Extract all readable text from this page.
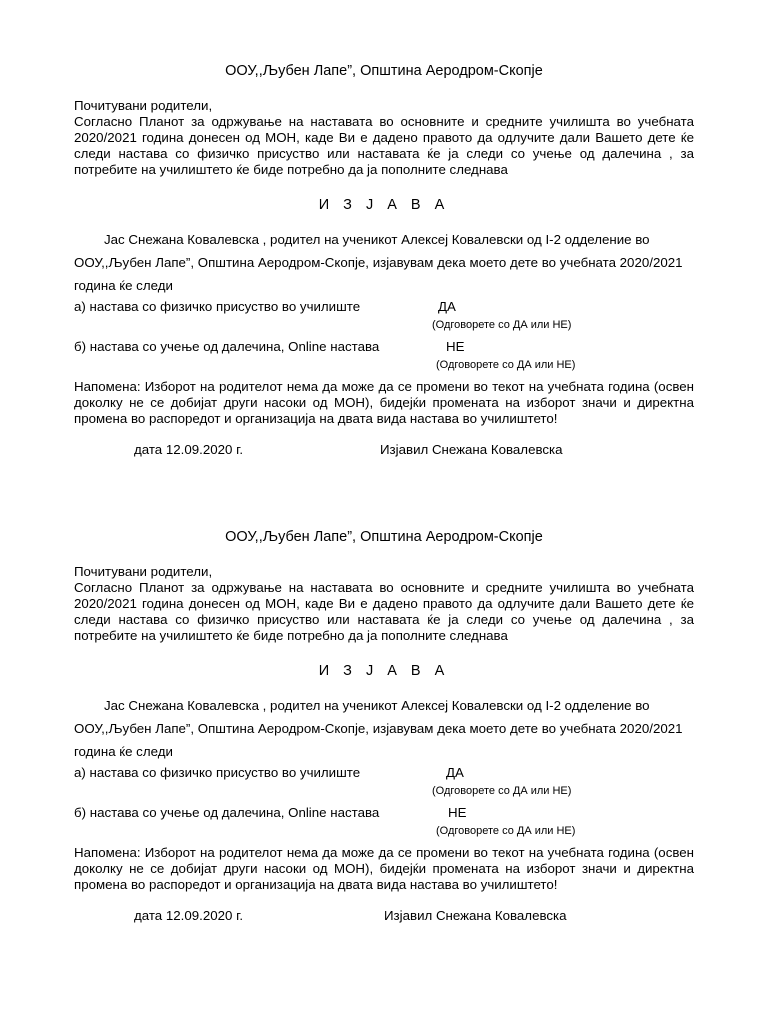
ООУ,,Љубен Лапе”, Општина Аеродром-Скопје
Почитувани родители,

Согласно Планот за одржување на наставата во основните и средните училишта во учебната 2020/2021 година донесен од МОН, каде Ви е дадено правото да одлучите дали Вашето дете ќе следи настава со физичко присуство или наставата ќе ја следи со учење од далечина , за потребите на училиштето ќе биде потребно да ја пополните следнава

И З Ј А В А

Јас Снежана Ковалевска , родител на ученикот Алексеј Ковалевски од I-2 одделение во ООУ,,Љубен Лапе”, Општина Аеродром-Скопје, изјавувам дека моето дете во учебната 2020/2021 година ќе следи

а) настава со физичко присуство во училиште	ДА
(Одговорете со ДА или НЕ)
б) настава со учење од далечина, Online настава	НЕ
(Одговорете со ДА или НЕ)

Напомена: Изборот на родителот нема да може да се промени во текот на учебната година (освен доколку не се добијат други насоки од МОН), бидејќи промената на изборот значи и директна промена во распоредот и организација на двата вида настава во училиштето!

дата 12.09.2020 г.	Изјавил Снежана Ковалевска
ООУ,,Љубен Лапе”, Општина Аеродром-Скопје
Почитувани родители,

Согласно Планот за одржување на наставата во основните и средните училишта во учебната 2020/2021 година донесен од МОН, каде Ви е дадено правото да одлучите дали Вашето дете ќе следи настава со физичко присуство или наставата ќе ја следи со учење од далечина , за потребите на училиштето ќе биде потребно да ја пополните следнава

И З Ј А В А

Јас Снежана Ковалевска , родител на ученикот Алексеј Ковалевски од I-2 одделение во ООУ,,Љубен Лапе”, Општина Аеродром-Скопје, изјавувам дека моето дете во учебната 2020/2021 година ќе следи

а) настава со физичко присуство во училиште	ДА
(Одговорете со ДА или НЕ)
б) настава со учење од далечина, Online настава	НЕ
(Одговорете со ДА или НЕ)

Напомена: Изборот на родителот нема да може да се промени во текот на учебната година (освен доколку не се добијат други насоки од МОН), бидејќи промената на изборот значи и директна промена во распоредот и организација на двата вида настава во училиштето!

дата 12.09.2020 г.	Изјавил Снежана Ковалевска
